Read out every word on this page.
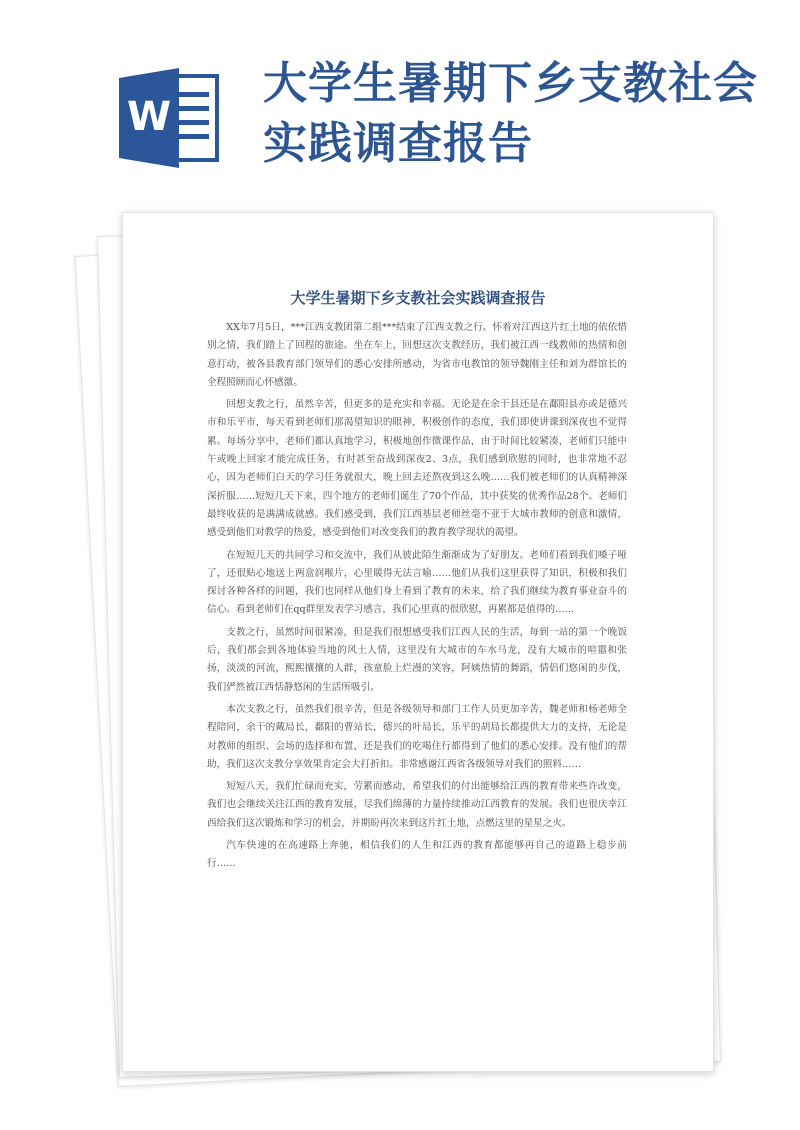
W
大学生暑期下乡支教社会实践调查报告
大学生暑期下乡支教社会实践调查报告

XX年7月5日，***江西支教团第二组***结束了江西支教之行。怀着对江西这片红土地的依依惜别之情，我们踏上了回程的旅途。坐在车上，回想这次支教经历，我们被江西一线教师的热情和创意打动，被各县教育部门领导们的悉心安排所感动，为省市电教馆的领导魏刚主任和刘为群馆长的全程照顾而心怀感激。

回想支教之行，虽然辛苦，但更多的是充实和幸福。无论是在余干县还是在鄱阳县亦或是德兴市和乐平市，每天看到老师们那渴望知识的眼神，积极创作的态度，我们即使讲课到深夜也不觉得累。每场分享中，老师们都认真地学习，积极地创作微课作品，由于时间比较紧凑，老师们只能中午或晚上回家才能完成任务，有时甚至奋战到深夜2、3点，我们感到欣慰的同时，也非常地不忍心，因为老师们白天的学习任务就很大，晚上回去还熬夜到这么晚……我们被老师们的认真精神深深折服……短短几天下来，四个地方的老师们诞生了70个作品，其中获奖的优秀作品28个。老师们最终收获的是满满成就感。我们感受到，我们江西基层老师丝毫不亚于大城市教师的创意和激情，感受到他们对教学的热爱，感受到他们对改变我们的教育教学现状的渴望。

在短短几天的共同学习和交流中，我们从彼此陌生渐渐成为了好朋友。老师们看到我们嗓子哑了，还很贴心地送上两盒润喉片，心里暖得无法言喻……他们从我们这里获得了知识，积极和我们探讨各种各样的问题，我们也同样从他们身上看到了教育的未来，给了我们继续为教育事业奋斗的信心。看到老师们在qq群里发表学习感言，我们心里真的很欣慰，再累都是值得的……

支教之行，虽然时间很紧凑，但是我们很想感受我们江西人民的生活，每到一站的第一个晚饭后，我们都会到各地体验当地的风土人情，这里没有大城市的车水马龙，没有大城市的喧嚣和张扬，淡淡的河流，熙熙攘攘的人群，孩童脸上烂漫的笑容，阿姨热情的舞蹈，情侣们悠闲的步伐，我们俨然被江西恬静悠闲的生活所吸引。

本次支教之行，虽然我们很辛苦，但是各级领导和部门工作人员更加辛苦，魏老师和杨老师全程陪同，余干的戴局长，鄱阳的曹站长，德兴的叶局长，乐平的胡局长都提供大力的支持，无论是对教师的组织、会场的选择和布置，还是我们的吃喝住行都得到了他们的悉心安排。没有他们的帮助，我们这次支教分享效果肯定会大打折扣。非常感谢江西省各级领导对我们的照料……

短短八天，我们忙碌而充实，劳累而感动，希望我们的付出能够给江西的教育带来些许改变，我们也会继续关注江西的教育发展，尽我们绵薄的力量持续推动江西教育的发展。我们也很庆幸江西给我们这次锻炼和学习的机会，并期盼再次来到这片红土地，点燃这里的星星之火。

汽车快速的在高速路上奔驰，相信我们的人生和江西的教育都能够再自己的道路上稳步前行……
